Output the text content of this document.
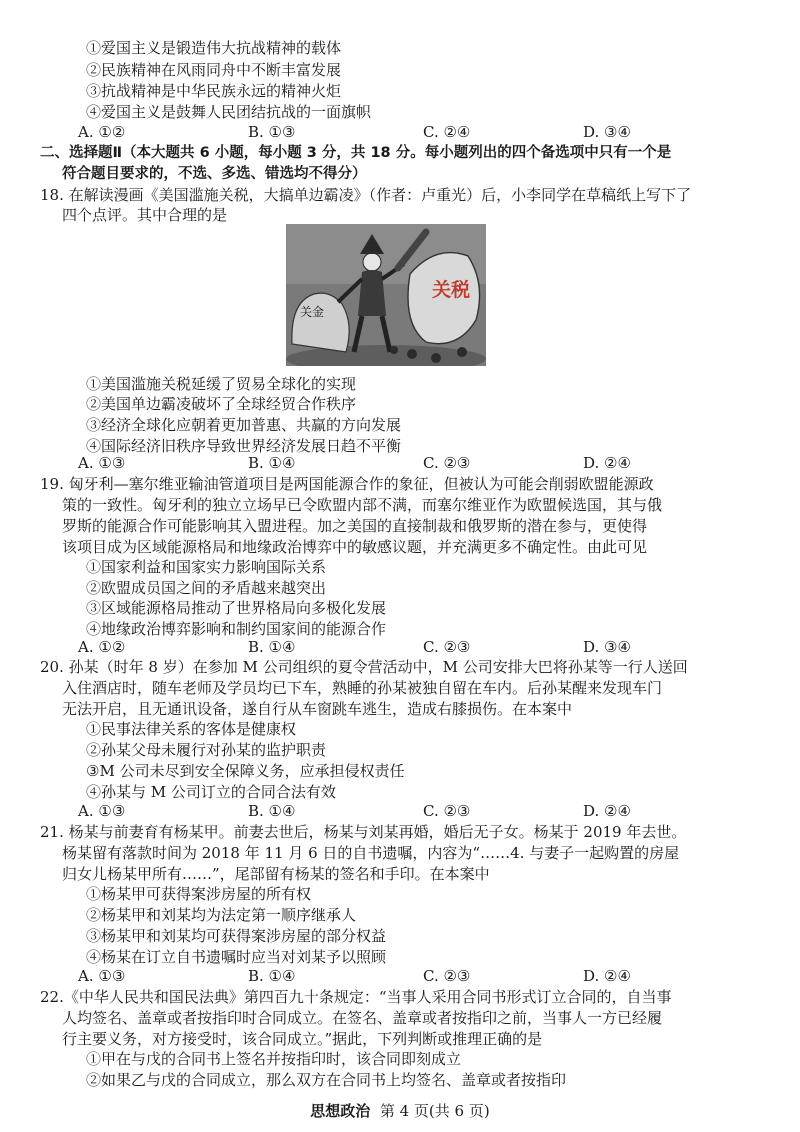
①爱国主义是锻造伟大抗战精神的载体
②民族精神在风雨同舟中不断丰富发展
③抗战精神是中华民族永远的精神火炬
④爱国主义是鼓舞人民团结抗战的一面旗帜
A. ①②	B. ①③	C. ②④	D. ③④
二、选择题Ⅱ（本大题共 6 小题，每小题 3 分，共 18 分。每小题列出的四个备选项中只有一个是
符合题目要求的，不选、多选、错选均不得分）
18. 在解读漫画《美国滥施关税，大搞单边霸凌》（作者：卢重光）后，小李同学在草稿纸上写下了
四个点评。其中合理的是
关金
关税
①美国滥施关税延缓了贸易全球化的实现
②美国单边霸凌破坏了全球经贸合作秩序
③经济全球化应朝着更加普惠、共赢的方向发展
④国际经济旧秩序导致世界经济发展日趋不平衡
A. ①③	B. ①④	C. ②③	D. ②④
19. 匈牙利—塞尔维亚输油管道项目是两国能源合作的象征，但被认为可能会削弱欧盟能源政
策的一致性。匈牙利的独立立场早已令欧盟内部不满，而塞尔维亚作为欧盟候选国，其与俄
罗斯的能源合作可能影响其入盟进程。加之美国的直接制裁和俄罗斯的潜在参与，更使得
该项目成为区域能源格局和地缘政治博弈中的敏感议题，并充满更多不确定性。由此可见
①国家利益和国家实力影响国际关系
②欧盟成员国之间的矛盾越来越突出
③区域能源格局推动了世界格局向多极化发展
④地缘政治博弈影响和制约国家间的能源合作
A. ①②	B. ①④	C. ②③	D. ③④
20. 孙某（时年 8 岁）在参加 M 公司组织的夏令营活动中，M 公司安排大巴将孙某等一行人送回
入住酒店时，随车老师及学员均已下车，熟睡的孙某被独自留在车内。后孙某醒来发现车门
无法开启，且无通讯设备，遂自行从车窗跳车逃生，造成右膝损伤。在本案中
①民事法律关系的客体是健康权
②孙某父母未履行对孙某的监护职责
③M 公司未尽到安全保障义务，应承担侵权责任
④孙某与 M 公司订立的合同合法有效
A. ①③	B. ①④	C. ②③	D. ②④
21. 杨某与前妻育有杨某甲。前妻去世后，杨某与刘某再婚，婚后无子女。杨某于 2019 年去世。
杨某留有落款时间为 2018 年 11 月 6 日的自书遗嘱，内容为“……4. 与妻子一起购置的房屋
归女儿杨某甲所有……”，尾部留有杨某的签名和手印。在本案中
①杨某甲可获得案涉房屋的所有权
②杨某甲和刘某均为法定第一顺序继承人
③杨某甲和刘某均可获得案涉房屋的部分权益
④杨某在订立自书遗嘱时应当对刘某予以照顾
A. ①③	B. ①④	C. ②③	D. ②④
22.《中华人民共和国民法典》第四百九十条规定：“当事人采用合同书形式订立合同的，自当事
人均签名、盖章或者按指印时合同成立。在签名、盖章或者按指印之前，当事人一方已经履
行主要义务，对方接受时，该合同成立。”据此，下列判断或推理正确的是
①甲在与戊的合同书上签名并按指印时，该合同即刻成立
②如果乙与戊的合同成立，那么双方在合同书上均签名、盖章或者按指印
思想政治 第 4 页(共 6 页)
